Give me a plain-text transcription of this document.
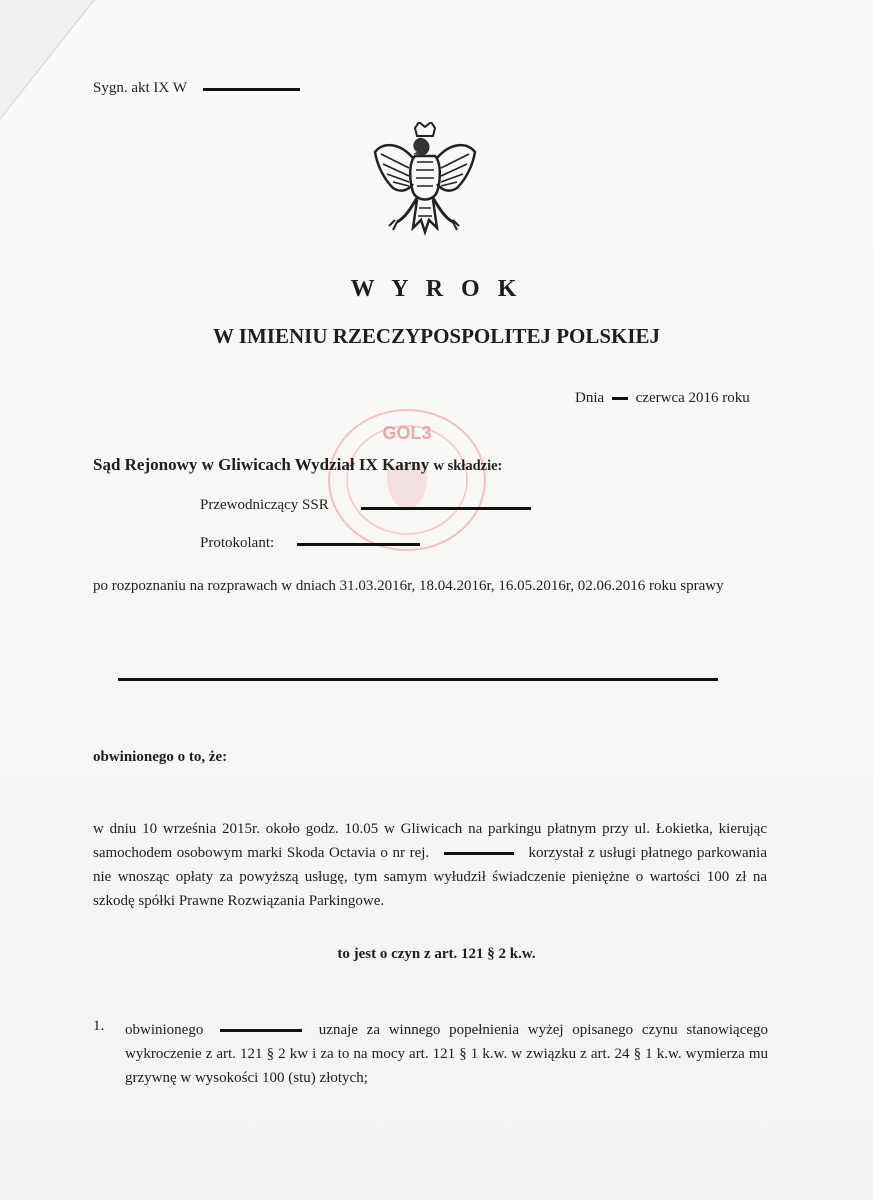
Sygn. akt IX W
W Y R O K
W IMIENIU RZECZYPOSPOLITEJ POLSKIEJ
Dnia czerwca 2016 roku
GOL3
Sąd Rejonowy w Gliwicach Wydział IX Karny w składzie:
Przewodniczący SSR
Protokolant:
po rozpoznaniu na rozprawach w dniach 31.03.2016r, 18.04.2016r, 16.05.2016r, 02.06.2016 roku sprawy
obwinionego o to, że:
w dniu 10 września 2015r. około godz. 10.05 w Gliwicach na parkingu płatnym przy ul. Łokietka, kierując samochodem osobowym marki Skoda Octavia o nr rej.	korzystał z usługi płatnego parkowania nie wnosząc opłaty za powyższą usługę, tym samym wyłudził świadczenie pieniężne o wartości 100 zł na szkodę spółki Prawne Rozwiązania Parkingowe.
to jest o czyn z art. 121 § 2 k.w.
1. obwinionego	uznaje za winnego popełnienia wyżej opisanego czynu stanowiącego wykroczenie z art. 121 § 2 kw i za to na mocy art. 121 § 1 k.w. w związku z art. 24 § 1 k.w. wymierza mu grzywnę w wysokości 100 (stu) złotych;
